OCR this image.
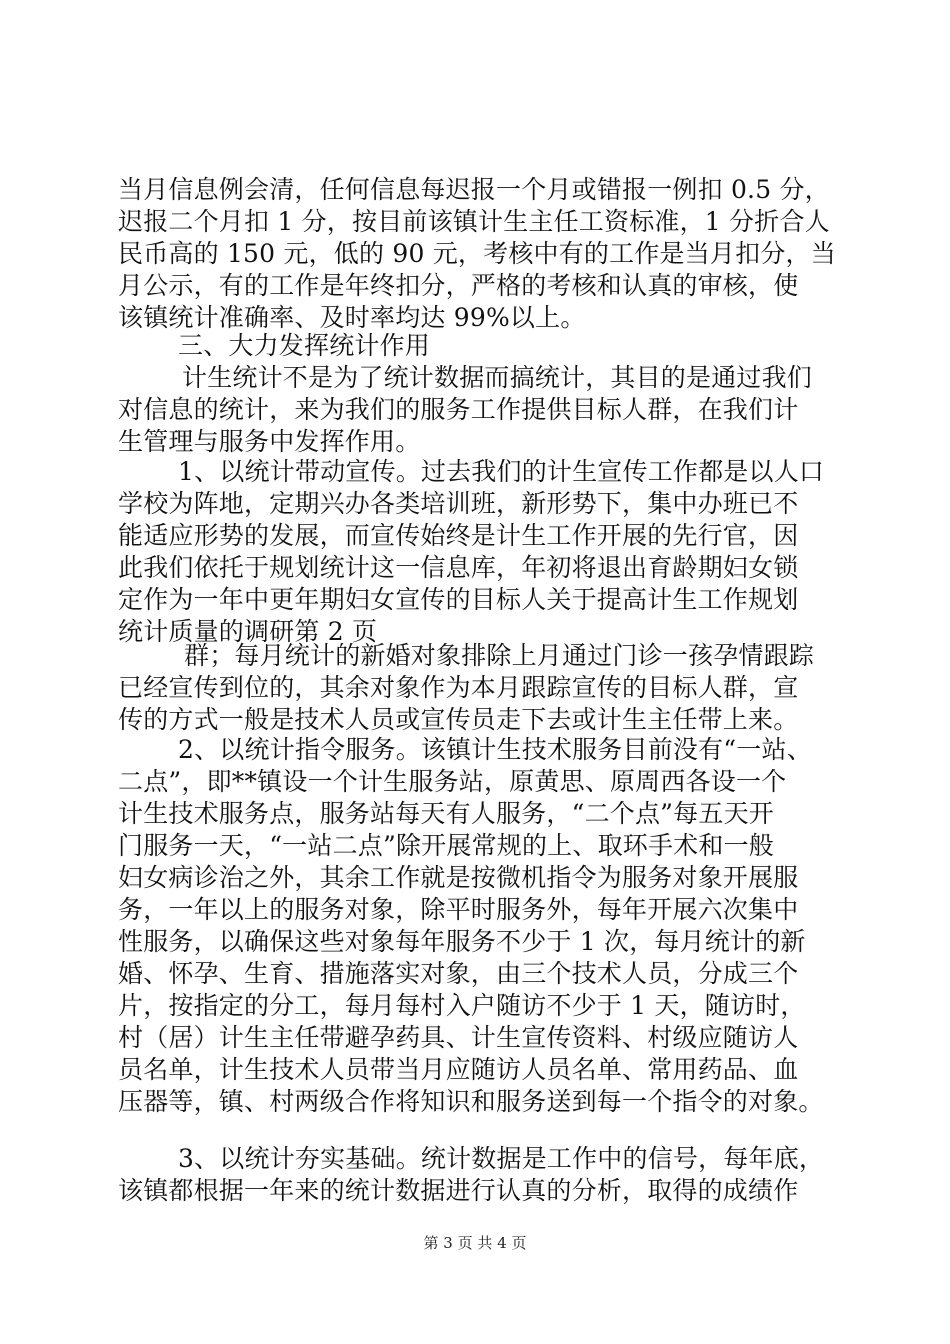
当月信息例会清，任何信息每迟报一个月或错报一例扣 0.5 分，
迟报二个月扣 1 分，按目前该镇计生主任工资标准，1 分折合人
民币高的 150 元，低的 90 元，考核中有的工作是当月扣分，当
月公示，有的工作是年终扣分，严格的考核和认真的审核，使
该镇统计准确率、及时率均达 99%以上。
三、大力发挥统计作用
计生统计不是为了统计数据而搞统计，其目的是通过我们
对信息的统计，来为我们的服务工作提供目标人群，在我们计
生管理与服务中发挥作用。
1、以统计带动宣传。过去我们的计生宣传工作都是以人口
学校为阵地，定期兴办各类培训班，新形势下，集中办班已不
能适应形势的发展，而宣传始终是计生工作开展的先行官，因
此我们依托于规划统计这一信息库，年初将退出育龄期妇女锁
定作为一年中更年期妇女宣传的目标人关于提高计生工作规划
统计质量的调研第 2 页
群；每月统计的新婚对象排除上月通过门诊一孩孕情跟踪
已经宣传到位的，其余对象作为本月跟踪宣传的目标人群，宣
传的方式一般是技术人员或宣传员走下去或计生主任带上来。
2、以统计指令服务。该镇计生技术服务目前没有“一站、
二点”，即**镇设一个计生服务站，原黄思、原周西各设一个
计生技术服务点，服务站每天有人服务，“二个点”每五天开
门服务一天，“一站二点”除开展常规的上、取环手术和一般
妇女病诊治之外，其余工作就是按微机指令为服务对象开展服
务，一年以上的服务对象，除平时服务外，每年开展六次集中
性服务，以确保这些对象每年服务不少于 1 次，每月统计的新
婚、怀孕、生育、措施落实对象，由三个技术人员，分成三个
片，按指定的分工，每月每村入户随访不少于 1 天，随访时，
村（居）计生主任带避孕药具、计生宣传资料、村级应随访人
员名单，计生技术人员带当月应随访人员名单、常用药品、血
压器等，镇、村两级合作将知识和服务送到每一个指令的对象。
3、以统计夯实基础。统计数据是工作中的信号，每年底，
该镇都根据一年来的统计数据进行认真的分析，取得的成绩作
第 3 页 共 4 页
